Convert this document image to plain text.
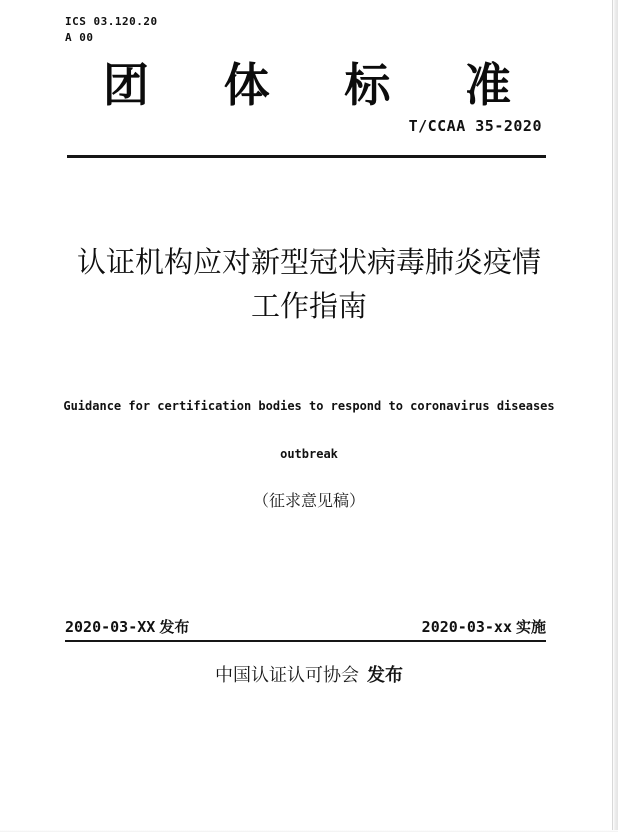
ICS 03.120.20
A 00
团 体 标 准
T/CCAA 35-2020
认证机构应对新型冠状病毒肺炎疫情
工作指南
Guidance for certification bodies to respond to coronavirus diseases
outbreak
（征求意见稿）
2020-03-XX 发布	2020-03-xx 实施
中国认证认可协会 发布
